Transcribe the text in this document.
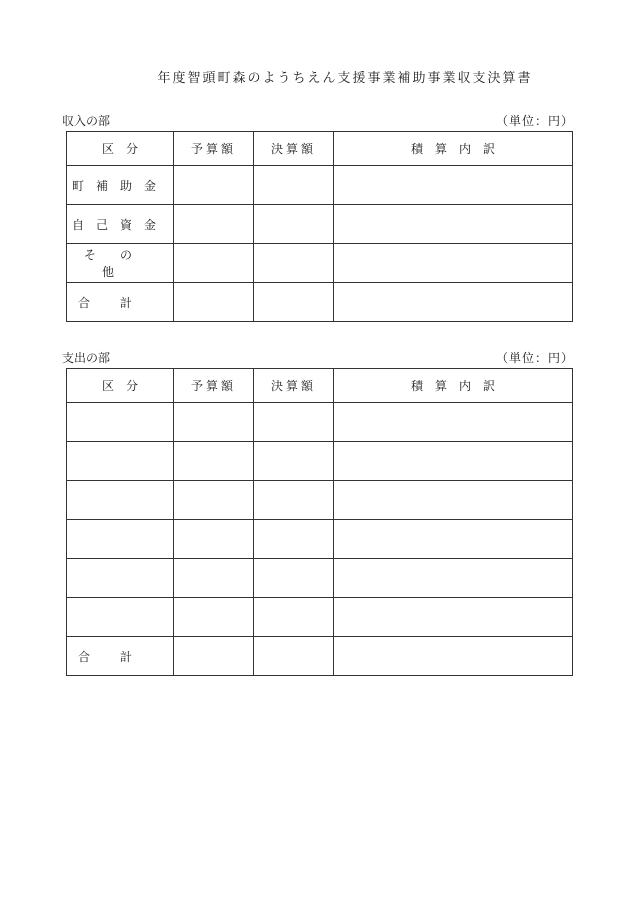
年度智頭町森のようちえん支援事業補助事業収支決算書
収入の部	（単位：円）
区　分	予算額	決算額	積　算　内　訳
町補助金			
自己資金			
その他			
合計			
支出の部	（単位：円）
区　分	予算額	決算額	積　算　内　訳

合計			
